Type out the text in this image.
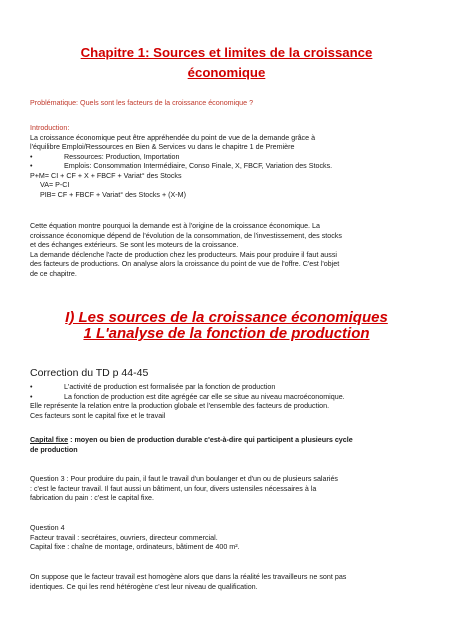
Chapitre 1: Sources et limites de la croissance
économique
Problématique: Quels sont les facteurs de la croissance économique ?

Introduction:

La croissance économique peut être appréhendée du point de vue de la demande grâce à

l'équilibre Emploi/Ressources en Bien & Services vu dans le chapitre 1 de Première

•	Ressources: Production, Importation
•	Emplois: Consommation Intermédiaire, Conso Finale, X, FBCF, Variation des Stocks.

P+M= CI + CF + X + FBCF + Variat° des Stocks

VA= P-CI

PIB= CF + FBCF + Variat° des Stocks + (X-M)

Cette équation montre pourquoi la demande est à l'origine de la croissance économique. La

croissance économique dépend de l'évolution de la consommation, de l'investissement, des stocks

et des échanges extérieurs. Se sont les moteurs de la croissance.

La demande déclenche l'acte de production chez les producteurs. Mais pour produire il faut aussi

des facteurs de productions. On analyse alors la croissance du point de vue de l'offre. C'est l'objet

de ce chapitre.

I) Les sources de la croissance économiques
1 L'analyse de la fonction de production
Correction du TD p 44-45
•	L'activité de production est formalisée par la fonction de production
•	La fonction de production est dite agrégée car elle se situe au niveau macroéconomique.

Elle représente la relation entre la production globale et l'ensemble des facteurs de production.

Ces facteurs sont le capital fixe et le travail

Capital fixe : moyen ou bien de production durable c'est-à-dire qui participent a plusieurs cycle

de production

Question 3 : Pour produire du pain, il faut le travail d'un boulanger et d'un ou de plusieurs salariés

: c'est le facteur travail. Il faut aussi un bâtiment, un four, divers ustensiles nécessaires à la

fabrication du pain : c'est le capital fixe.

Question 4

Facteur travail : secrétaires, ouvriers, directeur commercial.

Capital fixe : chaîne de montage, ordinateurs, bâtiment de 400 m².

On suppose que le facteur travail est homogène alors que dans la réalité les travailleurs ne sont pas

identiques. Ce qui les rend hétérogène c'est leur niveau de qualification.
